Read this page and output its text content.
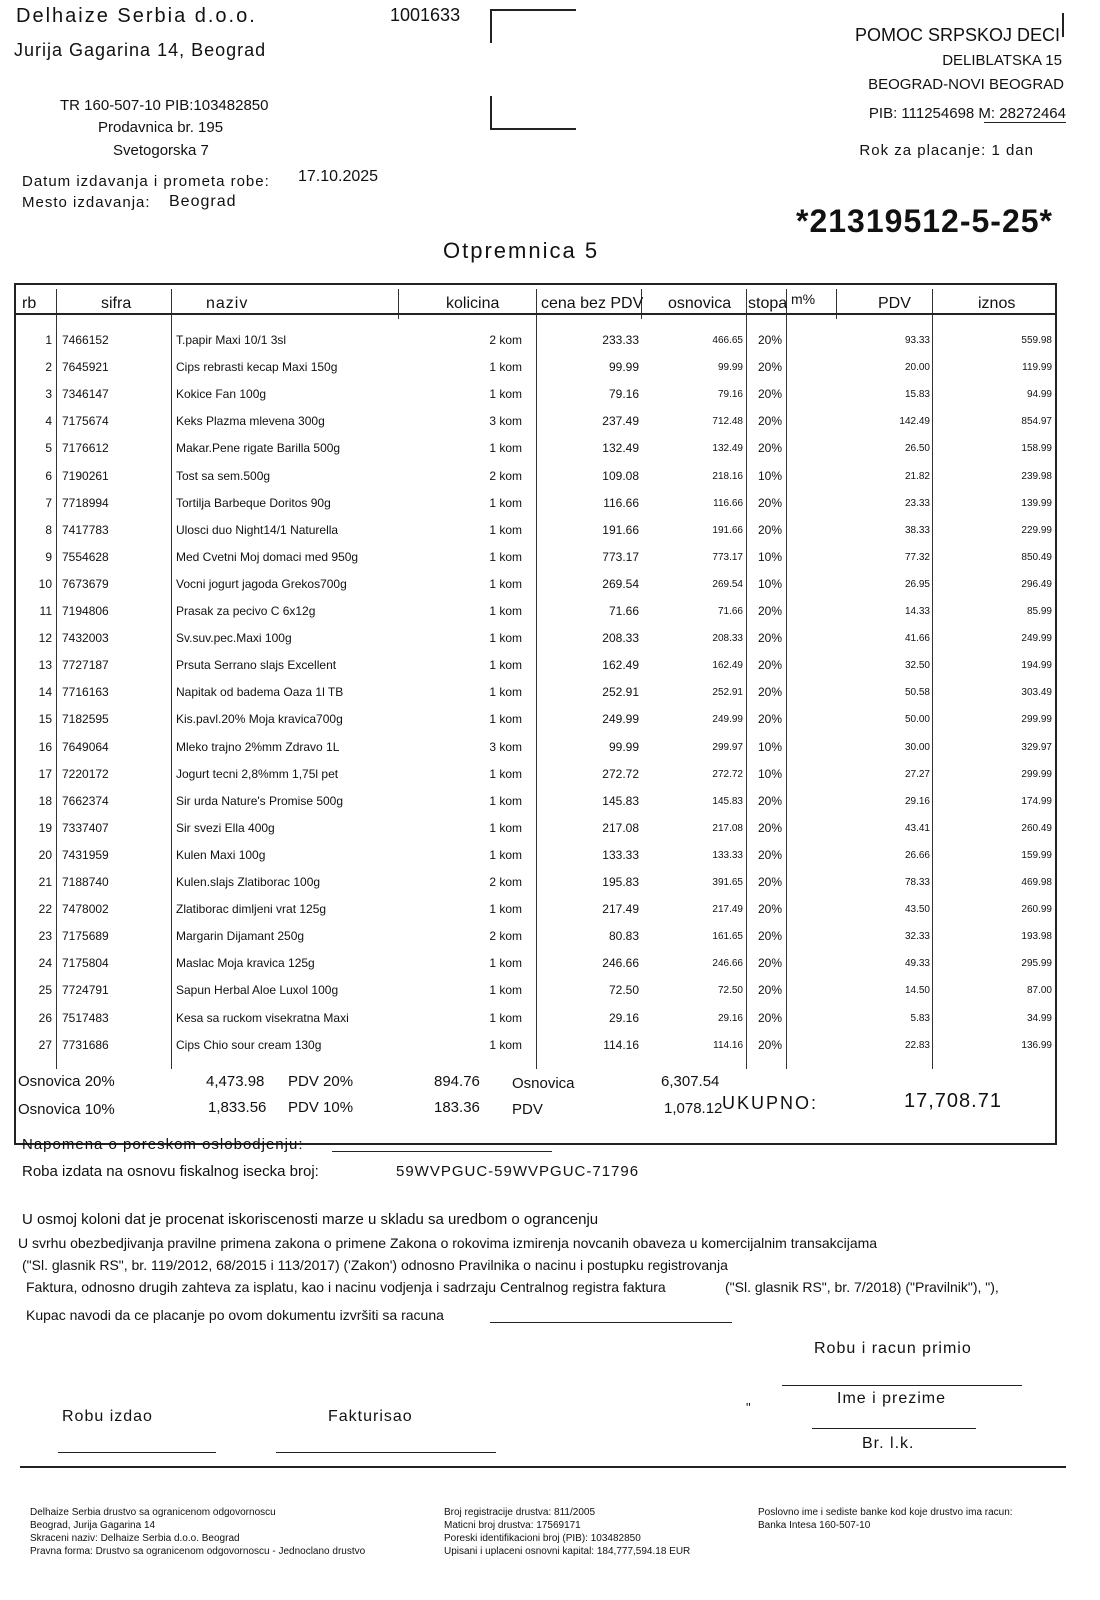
Delhaize Serbia d.o.o.
Jurija Gagarina 14, Beograd
TR 160-507-10 PIB:103482850
Prodavnica br. 195
Svetogorska 7
1001633
POMOC SRPSKOJ DECI
DELIBLATSKA 15
BEOGRAD-NOVI BEOGRAD
PIB: 111254698 M: 28272464
Rok za placanje: 1 dan
Datum izdavanja i prometa robe: 17.10.2025
Mesto izdavanja: Beograd
*21319512-5-25*
Otpremnica 5
rb	sifra	naziv	kolicina	cena bez PDV osnovica stopa m%	PDV	iznos
1 7466152	T.papir Maxi 10/1 3sl	2 kom	233.33	466.65 20%	93.33	559.98
2 7645921	Cips rebrasti kecap Maxi 150g	1 kom	99.99	99.99 20%	20.00	119.99
3 7346147	Kokice Fan 100g	1 kom	79.16	79.16 20%	15.83	94.99
4 7175674	Keks Plazma mlevena 300g	3 kom	237.49	712.48 20%	142.49	854.97
5 7176612	Makar.Pene rigate Barilla 500g	1 kom	132.49	132.49 20%	26.50	158.99
6 7190261	Tost sa sem.500g	2 kom	109.08	218.16 10%	21.82	239.98
7 7718994	Tortilja Barbeque Doritos 90g	1 kom	116.66	116.66 20%	23.33	139.99
8 7417783	Ulosci duo Night14/1 Naturella	1 kom	191.66	191.66 20%	38.33	229.99
9 7554628	Med Cvetni Moj domaci med 950g	1 kom	773.17	773.17 10%	77.32	850.49
10 7673679	Vocni jogurt jagoda Grekos700g	1 kom	269.54	269.54 10%	26.95	296.49
11 7194806	Prasak za pecivo C 6x12g	1 kom	71.66	71.66 20%	14.33	85.99
12 7432003	Sv.suv.pec.Maxi 100g	1 kom	208.33	208.33 20%	41.66	249.99
13 7727187	Prsuta Serrano slajs Excellent	1 kom	162.49	162.49 20%	32.50	194.99
14 7716163	Napitak od badema Oaza 1l TB	1 kom	252.91	252.91 20%	50.58	303.49
15 7182595	Kis.pavl.20% Moja kravica700g	1 kom	249.99	249.99 20%	50.00	299.99
16 7649064	Mleko trajno 2%mm Zdravo 1L	3 kom	99.99	299.97 10%	30.00	329.97
17 7220172	Jogurt tecni 2,8%mm 1,75l pet	1 kom	272.72	272.72 10%	27.27	299.99
18 7662374	Sir urda Nature's Promise 500g	1 kom	145.83	145.83 20%	29.16	174.99
19 7337407	Sir svezi Ella 400g	1 kom	217.08	217.08 20%	43.41	260.49
20 7431959	Kulen Maxi 100g	1 kom	133.33	133.33 20%	26.66	159.99
21 7188740	Kulen.slajs Zlatiborac 100g	2 kom	195.83	391.65 20%	78.33	469.98
22 7478002	Zlatiborac dimljeni vrat 125g	1 kom	217.49	217.49 20%	43.50	260.99
23 7175689	Margarin Dijamant 250g	2 kom	80.83	161.65 20%	32.33	193.98
24 7175804	Maslac Moja kravica 125g	1 kom	246.66	246.66 20%	49.33	295.99
25 7724791	Sapun Herbal Aloe Luxol 100g	1 kom	72.50	72.50 20%	14.50	87.00
26 7517483	Kesa sa ruckom visekratna Maxi	1 kom	29.16	29.16 20%	5.83	34.99
27 7731686	Cips Chio sour cream 130g	1 kom	114.16	114.16 20%	22.83	136.99
Osnovica 20%	4,473.98 PDV 20%	894.76 Osnovica	6,307.54
Osnovica 10%	1,833.56 PDV 10%	183.36 PDV	1,078.12 UKUPNO:	17,708.71
Napomena o poreskom oslobodjenju:
Roba izdata na osnovu fiskalnog isecka broj:	59WVPGUC-59WVPGUC-71796
U osmoj koloni dat je procenat iskoriscenosti marze u skladu sa uredbom o ograncenju
U svrhu obezbedjivanja pravilne primena zakona o primene Zakona o rokovima izmirenja novcanih obaveza u komercijalnim transakcijama
("Sl. glasnik RS", br. 119/2012, 68/2015 i 113/2017) ('Zakon') odnosno Pravilnika o nacinu i postupku registrovanja
Faktura, odnosno drugih zahteva za isplatu, kao i nacinu vodjenja i sadrzaju Centralnog registra faktura	("Sl. glasnik RS", br. 7/2018) ("Pravilnik"), "),
Kupac navodi da ce placanje po ovom dokumentu izvršiti sa racuna
Robu i racun primio
Ime i prezime
"
Br. l.k.
Robu izdao	Fakturisao
Delhaize Serbia drustvo sa ogranicenom odgovornoscu
Beograd, Jurija Gagarina 14
Skraceni naziv: Delhaize Serbia d.o.o. Beograd
Pravna forma: Drustvo sa ogranicenom odgovornoscu - Jednoclano drustvo
Broj registracije drustva: 811/2005
Maticni broj drustva: 17569171
Poreski identifikacioni broj (PIB): 103482850
Upisani i uplaceni osnovni kapital: 184,777,594.18 EUR
Poslovno ime i sediste banke kod koje drustvo ima racun:
Banka Intesa 160-507-10
